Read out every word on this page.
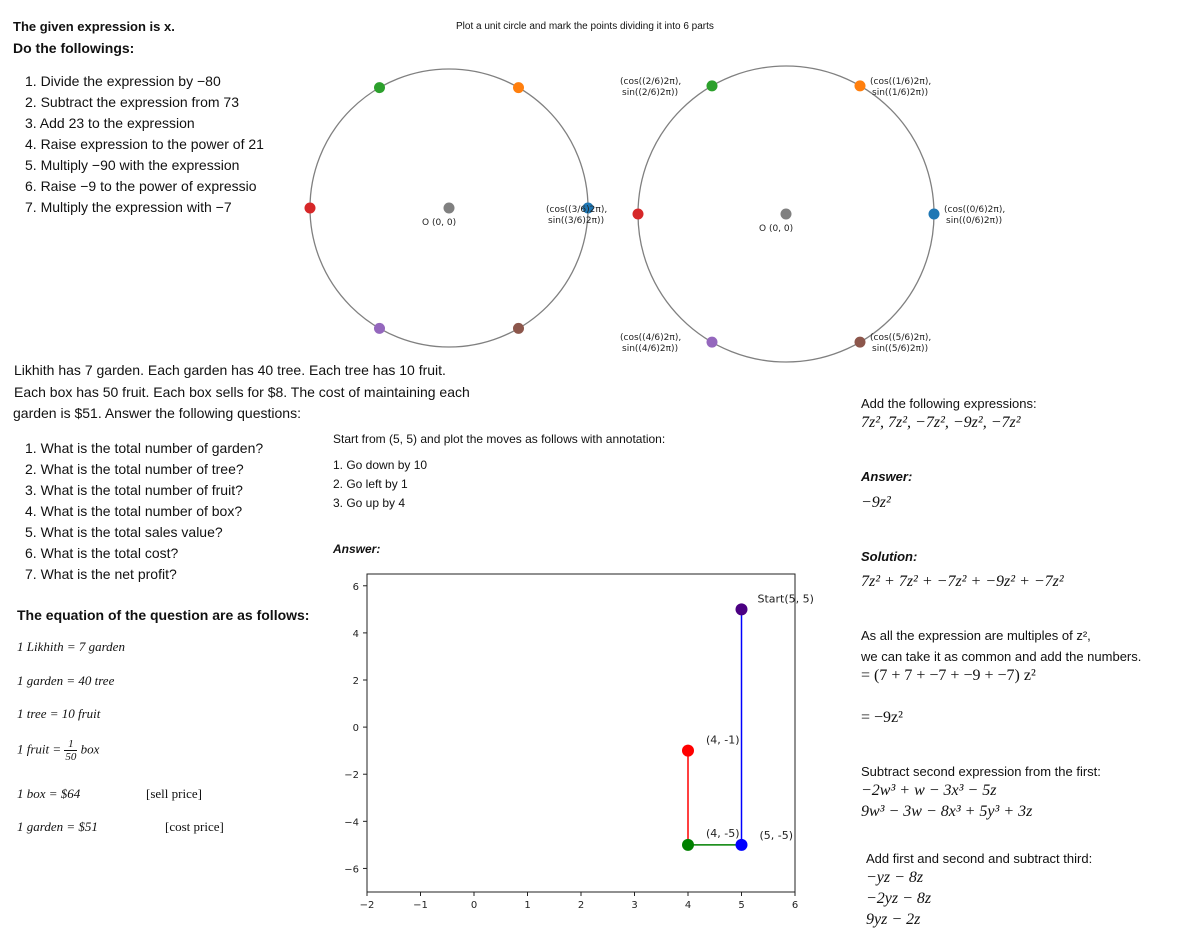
The given expression is x.
Do the followings:
1. Divide the expression by −80
2. Subtract the expression from 73
3. Add 23 to the expression
4. Raise expression to the power of 21
5. Multiply −90 with the expression
6. Raise −9 to the power of expressio
7. Multiply the expression with −7
Plot a unit circle and mark the points dividing it into 6 parts
O (0, 0)
O (0, 0)
(cos((0/6)2π), sin((0/6)2π))
(cos((1/6)2π), sin((1/6)2π))
(cos((2/6)2π), sin((2/6)2π))
(cos((3/6)2π), sin((3/6)2π))
(cos((4/6)2π), sin((4/6)2π))
(cos((5/6)2π), sin((5/6)2π))
Likhith has 7 garden. Each garden has 40 tree. Each tree has 10 fruit.
Each box has 50 fruit. Each box sells for $8. The cost of maintaining each
garden is $51. Answer the following questions:
1. What is the total number of garden?
2. What is the total number of tree?
3. What is the total number of fruit?
4. What is the total number of box?
5. What is the total sales value?
6. What is the total cost?
7. What is the net profit?
The equation of the question are as follows:
1 Likhith = 7 garden
1 garden = 40 tree
1 tree = 10 fruit
1 fruit = $\frac{1}{50}$ box
1 box = $64	[sell price]
1 garden = $51	[cost price]
Start from (5, 5) and plot the moves as follows with annotation:
1. Go down by 10
2. Go left by 1
3. Go up by 4
Answer:
−2	−1	0	1	2	3	4	5	6
−6
−4
−2
0
2
4
6
Start(5, 5)
(5, -5)
(4, -5)
(4, -1)
Add the following expressions:
7z², 7z², −7z², −9z², −7z²
Answer:
−9z²
Solution:
7z² + 7z² + −7z² + −9z² + −7z²
As all the expression are multiples of z²,
we can take it as common and add the numbers.
= (7 + 7 + −7 + −9 + −7) z²
= −9z²
Subtract second expression from the first:
−2w³ + w − 3x³ − 5z
9w³ − 3w − 8x³ + 5y³ + 3z
Add first and second and subtract third:
−yz − 8z
−2yz − 8z
9yz − 2z
